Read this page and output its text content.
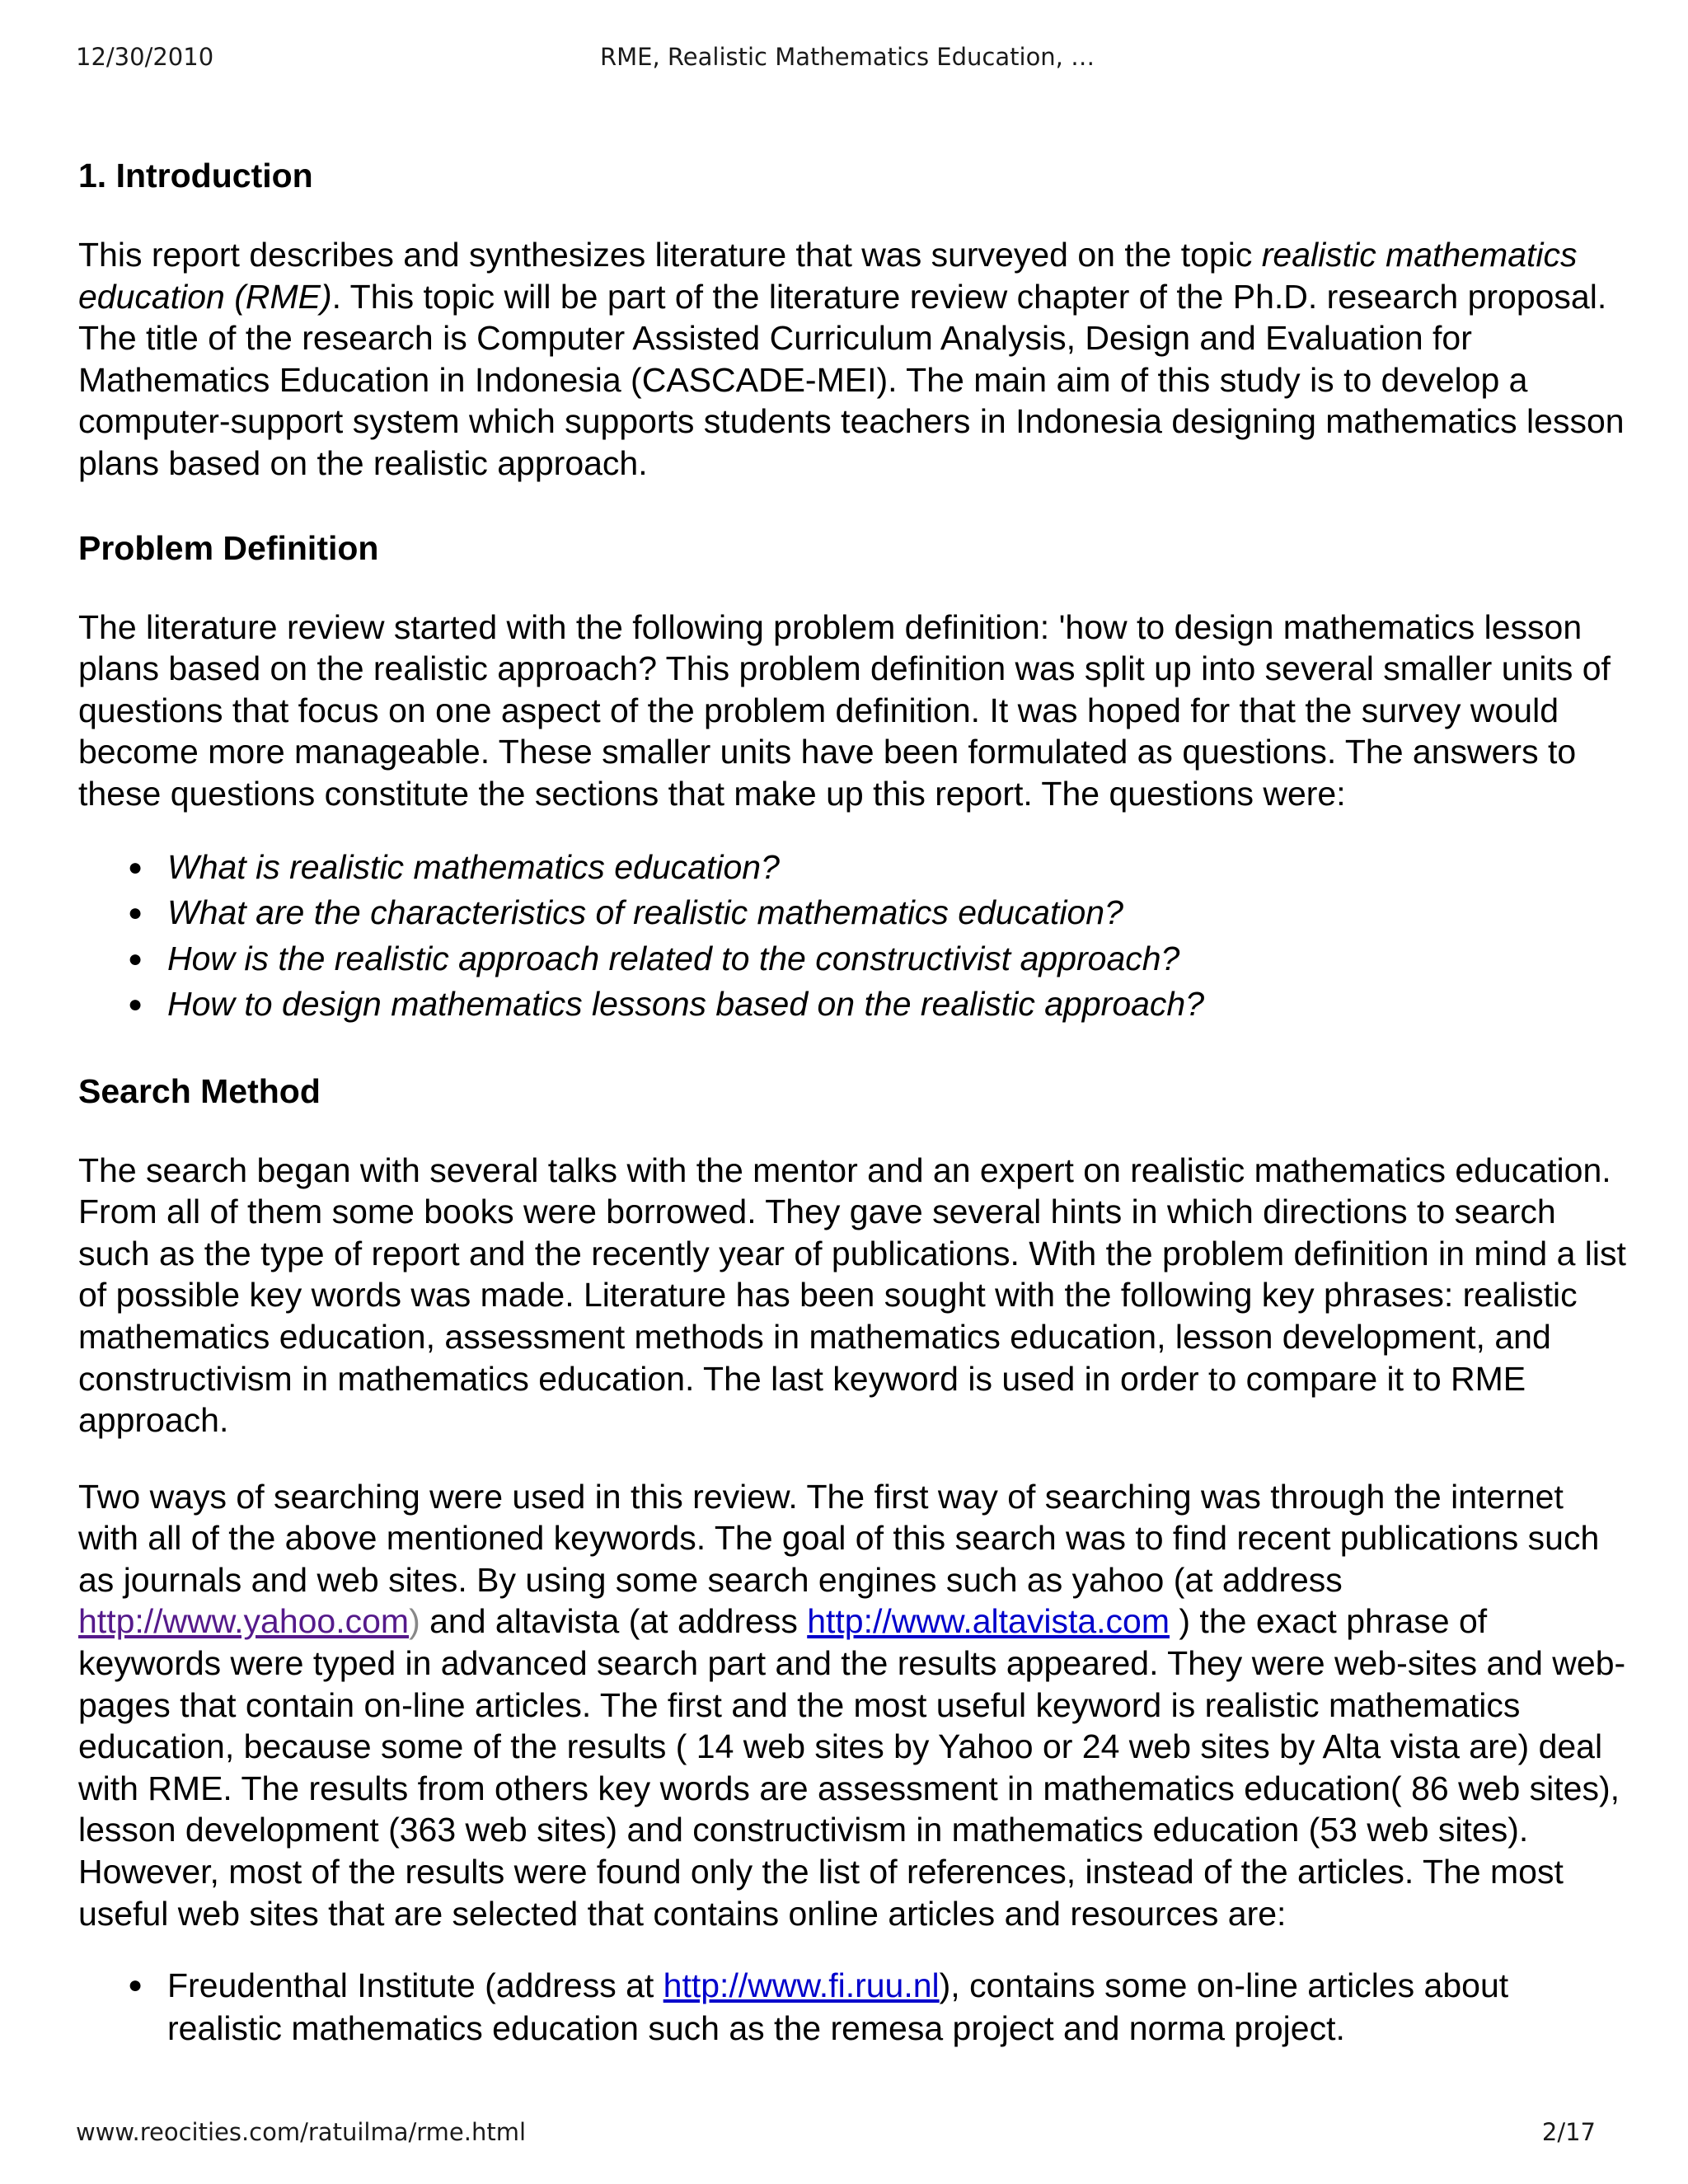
12/30/2010	RME, Realistic Mathematics Education, …
1. Introduction

This report describes and synthesizes literature that was surveyed on the topic realistic mathematics education (RME). This topic will be part of the literature review chapter of the Ph.D. research proposal. The title of the research is Computer Assisted Curriculum Analysis, Design and Evaluation for Mathematics Education in Indonesia (CASCADE-MEI). The main aim of this study is to develop a computer-support system which supports students teachers in Indonesia designing mathematics lesson plans based on the realistic approach.

Problem Definition

The literature review started with the following problem definition: 'how to design mathematics lesson plans based on the realistic approach? This problem definition was split up into several smaller units of questions that focus on one aspect of the problem definition. It was hoped for that the survey would become more manageable. These smaller units have been formulated as questions. The answers to these questions constitute the sections that make up this report. The questions were:

● What is realistic mathematics education?
● What are the characteristics of realistic mathematics education?
● How is the realistic approach related to the constructivist approach?
● How to design mathematics lessons based on the realistic approach?
Search Method

The search began with several talks with the mentor and an expert on realistic mathematics education. From all of them some books were borrowed. They gave several hints in which directions to search such as the type of report and the recently year of publications. With the problem definition in mind a list of possible key words was made. Literature has been sought with the following key phrases: realistic mathematics education, assessment methods in mathematics education, lesson development, and constructivism in mathematics education. The last keyword is used in order to compare it to RME approach.

Two ways of searching were used in this review. The first way of searching was through the internet with all of the above mentioned keywords. The goal of this search was to find recent publications such as journals and web sites. By using some search engines such as yahoo (at address http://www.yahoo.com) and altavista (at address http://www.altavista.com ) the exact phrase of keywords were typed in advanced search part and the results appeared. They were web-sites and web-pages that contain on-line articles. The first and the most useful keyword is realistic mathematics education, because some of the results ( 14 web sites by Yahoo or 24 web sites by Alta vista are) deal with RME. The results from others key words are assessment in mathematics education( 86 web sites), lesson development (363 web sites) and constructivism in mathematics education (53 web sites). However, most of the results were found only the list of references, instead of the articles. The most useful web sites that are selected that contains online articles and resources are:

● Freudenthal Institute (address at http://www.fi.ruu.nl), contains some on-line articles about realistic mathematics education such as the remesa project and norma project.
www.reocities.com/ratuilma/rme.html	2/17
